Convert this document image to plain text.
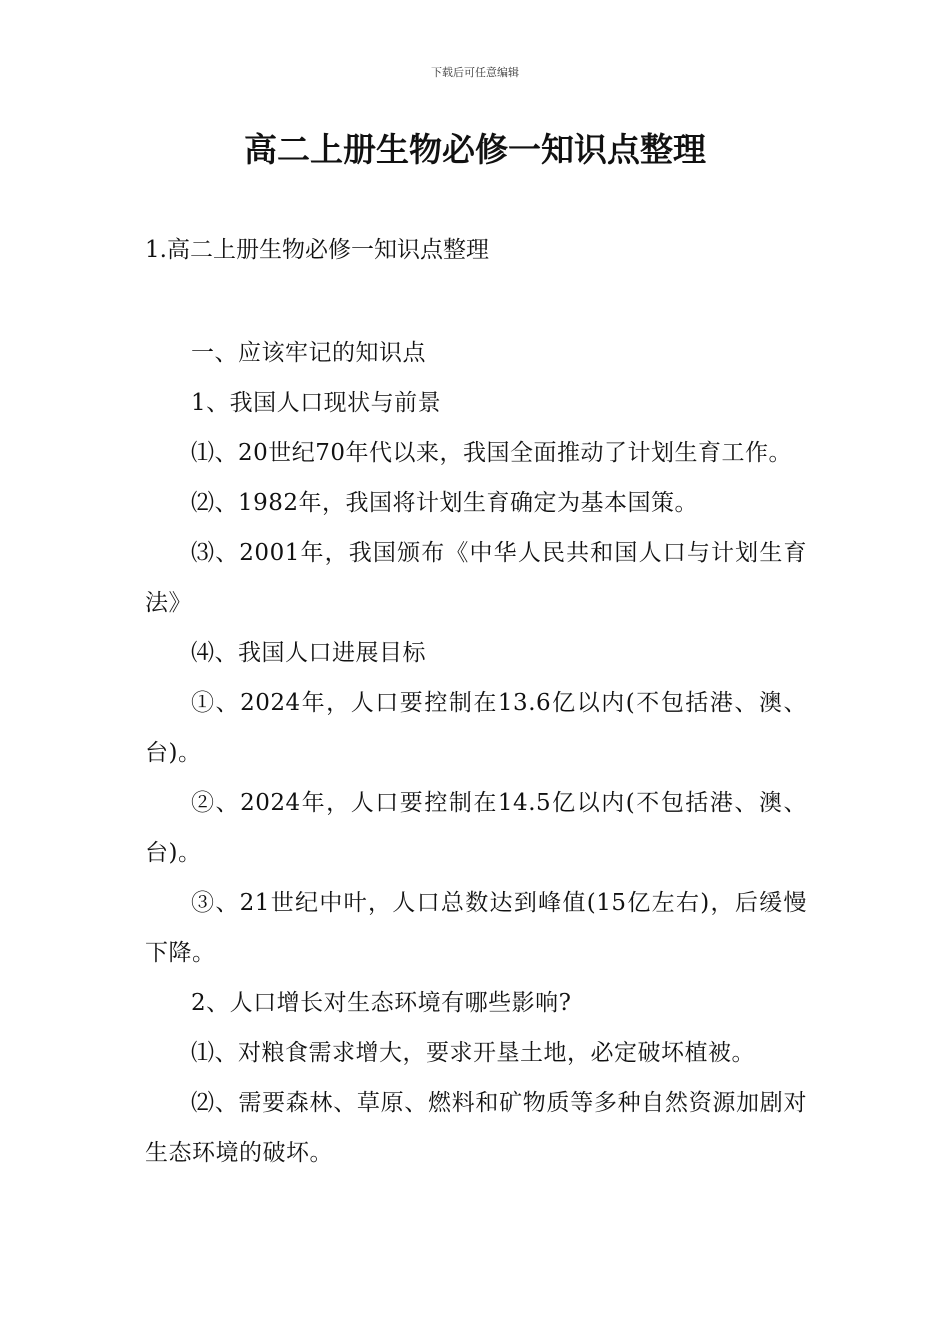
下载后可任意编辑
高二上册生物必修一知识点整理
1.高二上册生物必修一知识点整理

一、应该牢记的知识点

1、我国人口现状与前景

⑴、20世纪70年代以来，我国全面推动了计划生育工作。

⑵、1982年，我国将计划生育确定为基本国策。

⑶、2001年，我国颁布《中华人民共和国人口与计划生育法》

⑷、我国人口进展目标

①、2024年，人口要控制在13.6亿以内(不包括港、澳、台)。

②、2024年，人口要控制在14.5亿以内(不包括港、澳、台)。

③、21世纪中叶，人口总数达到峰值(15亿左右)，后缓慢下降。

2、人口增长对生态环境有哪些影响?

⑴、对粮食需求增大，要求开垦土地，必定破坏植被。

⑵、需要森林、草原、燃料和矿物质等多种自然资源加剧对生态环境的破坏。
